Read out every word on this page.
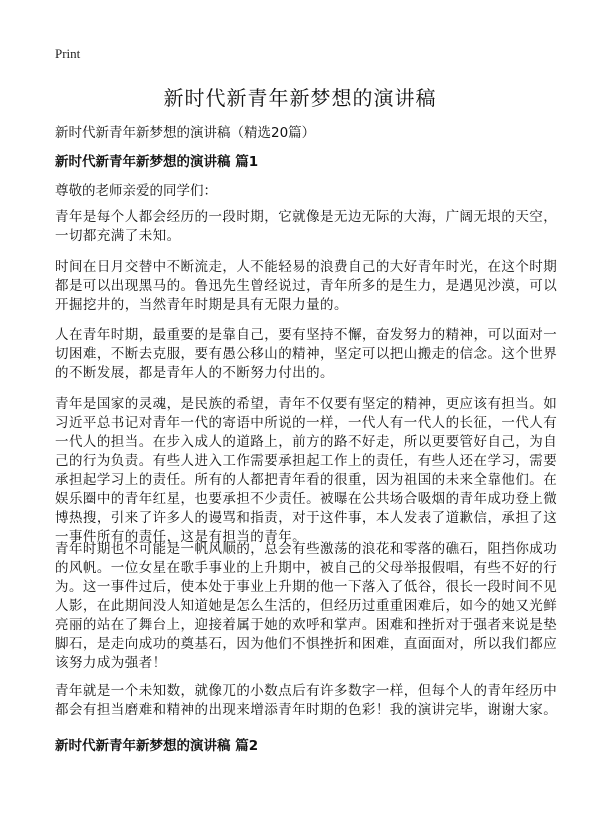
Print
新时代新青年新梦想的演讲稿
新时代新青年新梦想的演讲稿（精选20篇）
新时代新青年新梦想的演讲稿 篇1
尊敬的老师亲爱的同学们：
青年是每个人都会经历的一段时期，它就像是无边无际的大海，广阔无垠的天空，
一切都充满了未知。
时间在日月交替中不断流走，人不能轻易的浪费自己的大好青年时光，在这个时期
都是可以出现黑马的。鲁迅先生曾经说过，青年所多的是生力，是遇见沙漠，可以
开掘挖井的，当然青年时期是具有无限力量的。
人在青年时期，最重要的是靠自己，要有坚持不懈，奋发努力的精神，可以面对一
切困难，不断去克服，要有愚公移山的精神，坚定可以把山搬走的信念。这个世界
的不断发展，都是青年人的不断努力付出的。
青年是国家的灵魂，是民族的希望，青年不仅要有坚定的精神，更应该有担当。如
习近平总书记对青年一代的寄语中所说的一样，一代人有一代人的长征，一代人有
一代人的担当。在步入成人的道路上，前方的路不好走，所以更要管好自己，为自
己的行为负责。有些人进入工作需要承担起工作上的责任，有些人还在学习，需要
承担起学习上的责任。所有的人都把青年看的很重，因为祖国的未来全靠他们。在
娱乐圈中的青年红星，也要承担不少责任。被曝在公共场合吸烟的青年成功登上微
博热搜，引来了许多人的谩骂和指责，对于这件事，本人发表了道歉信，承担了这
一事件所有的责任，这是有担当的青年。
青年时期也不可能是一帆风顺的，总会有些激荡的浪花和零落的礁石，阻挡你成功
的风帆。一位女星在歌手事业的上升期中，被自己的父母举报假唱，有些不好的行
为。这一事件过后，使本处于事业上升期的他一下落入了低谷，很长一段时间不见
人影，在此期间没人知道她是怎么生活的，但经历过重重困难后，如今的她又光鲜
亮丽的站在了舞台上，迎接着属于她的欢呼和掌声。困难和挫折对于强者来说是垫
脚石，是走向成功的奠基石，因为他们不惧挫折和困难，直面面对，所以我们都应
该努力成为强者！
青年就是一个未知数，就像兀的小数点后有许多数字一样，但每个人的青年经历中
都会有担当磨难和精神的出现来增添青年时期的色彩！我的演讲完毕，谢谢大家。
新时代新青年新梦想的演讲稿 篇2
